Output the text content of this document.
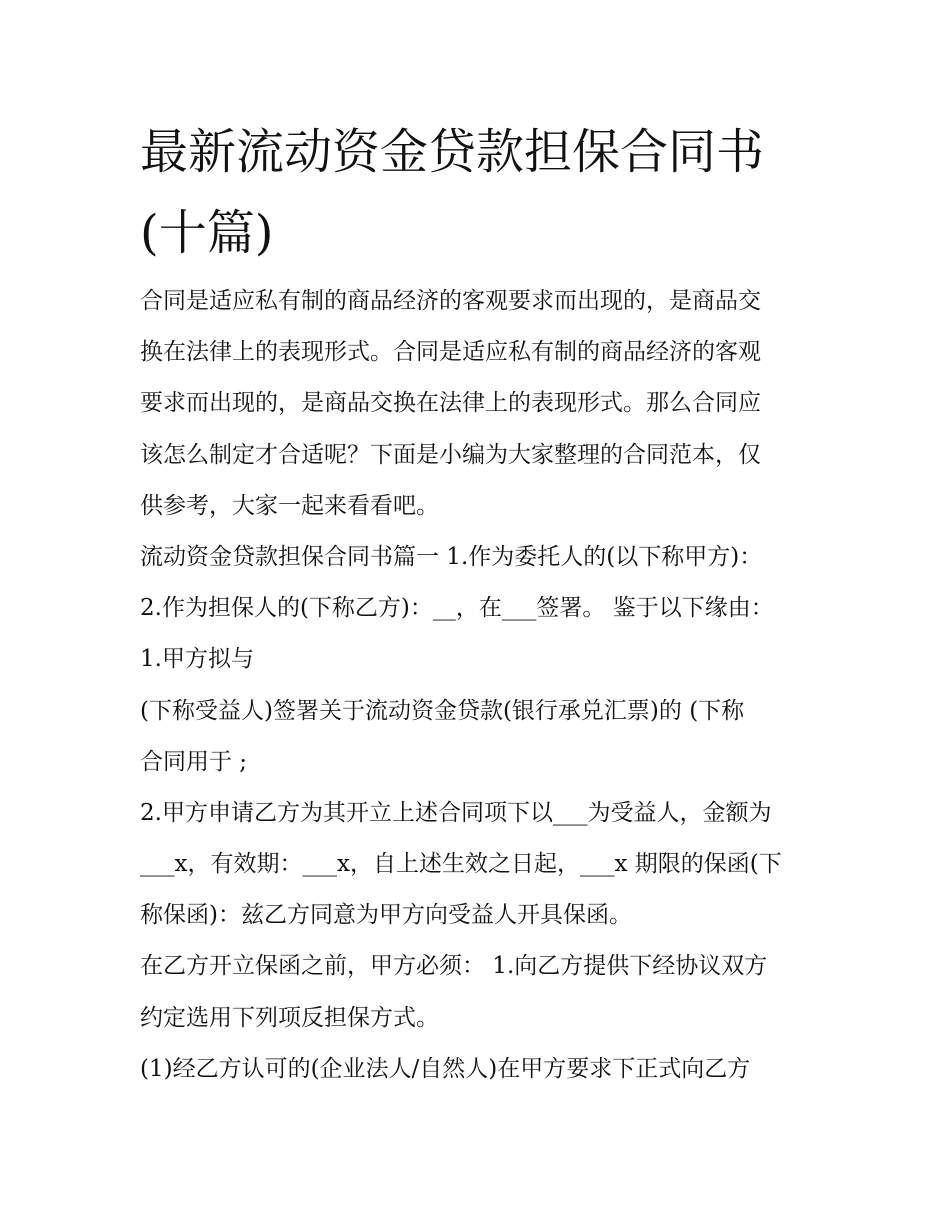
最新流动资金贷款担保合同书
(十篇)
合同是适应私有制的商品经济的客观要求而出现的，是商品交
换在法律上的表现形式。合同是适应私有制的商品经济的客观
要求而出现的，是商品交换在法律上的表现形式。那么合同应
该怎么制定才合适呢？下面是小编为大家整理的合同范本，仅
供参考，大家一起来看看吧。
流动资金贷款担保合同书篇一 1.作为委托人的(以下称甲方)：
2.作为担保人的(下称乙方)：__，在___签署。 鉴于以下缘由：
1.甲方拟与
(下称受益人)签署关于流动资金贷款(银行承兑汇票)的 (下称
合同用于 ;
2.甲方申请乙方为其开立上述合同项下以___为受益人，金额为
___x，有效期：___x，自上述生效之日起，___x 期限的保函(下
称保函)：兹乙方同意为甲方向受益人开具保函。
在乙方开立保函之前，甲方必须： 1.向乙方提供下经协议双方
约定选用下列项反担保方式。
(1)经乙方认可的(企业法人/自然人)在甲方要求下正式向乙方
